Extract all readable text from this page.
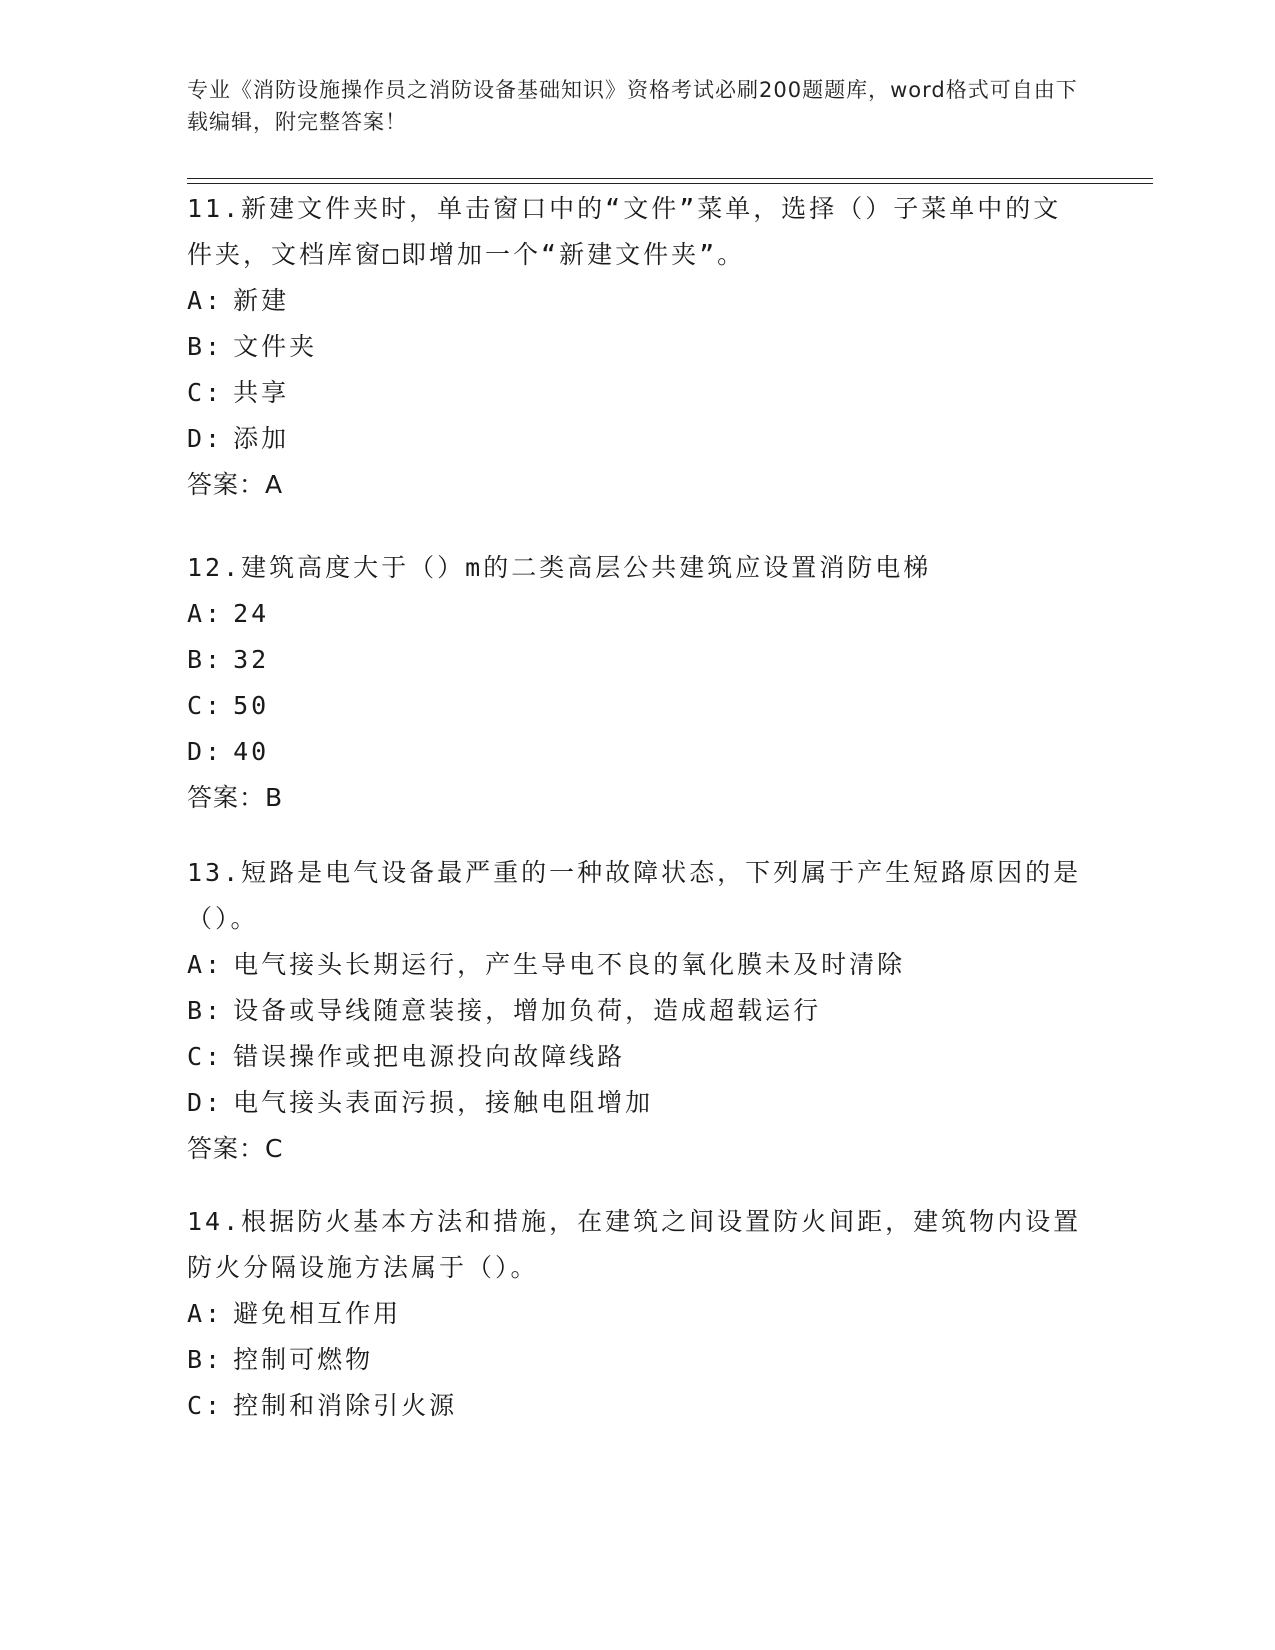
专业《消防设施操作员之消防设备基础知识》资格考试必刷200题题库，word格式可自由下载编辑，附完整答案！

11.新建文件夹时，单击窗口中的“文件”菜单，选择（）子菜单中的文件夹，文档库窗□即增加一个“新建文件夹”。

A: 新建

B: 文件夹

C: 共享

D: 添加

答案：A

12.建筑高度大于（）m的二类高层公共建筑应设置消防电梯

A: 24

B: 32

C: 50

D: 40

答案：B

13.短路是电气设备最严重的一种故障状态，下列属于产生短路原因的是（）。

A: 电气接头长期运行，产生导电不良的氧化膜未及时清除

B: 设备或导线随意装接，增加负荷，造成超载运行

C: 错误操作或把电源投向故障线路

D: 电气接头表面污损，接触电阻增加

答案：C

14.根据防火基本方法和措施，在建筑之间设置防火间距，建筑物内设置防火分隔设施方法属于（）。

A: 避免相互作用

B: 控制可燃物

C: 控制和消除引火源
